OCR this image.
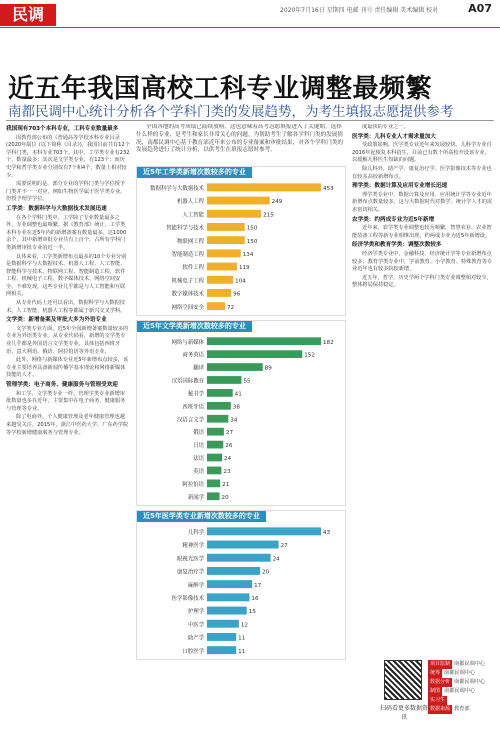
民调	2020年7月16日 星期四 电邮 刊号 责任编辑 美术编辑 校对	A07
近五年我国高校工科专业调整最频繁
南都民调中心统计分析各个学科门类的发展趋势，为考生填报志愿提供参考
我国现有703个本科专业，工科专业数量最多

国教育部公布的《普通高等学校本科专业目录(2020年版)》(以下简称《目录》)，我国目前共有12个学科门类，本科专业703个。其中，工学类专业有232个，数量最多；其次是文学类专业，有123个；而历史学和哲学类专业分别仅有7个和4个，数量上相对较少。

需要说明的是，部分专业的学科门类与学位授予门类并不一一对应，例如生物医学属于医学类专业，但授予理学学位。

工学类：数据科学与大数据技术发展迅速

在各个学科门类中，工学除了专业数量最多之外，专业调整也最频繁。据《教育部》统计，工学类本科专业在近5年内的新增备案有数量最多，达1000余个，其中新增审批专业共有上百个，占所有学科门类新增审批专业的近一半。

具体来看，工学类新增布点最多的10个专业分别是数据科学与大数据技术、机器人工程、人工智能、智能科学与技术、物联网工程、智能制造工程、软件工程、机械电子工程、数字媒体技术、网络空间安全。不难发现，这些专业几乎都是与人工智能和互联网相关。

从专业代码上还可以看出，数据科学与大数据技术、人工智能、机器人工程等都属于新兴交叉学科。

文学类：新增备案及审批大多为外语专业

文学类专业方面，近5年全国新增备案数量较多的专业为外语类专业。从专业代码看，新增的文学类专业几乎都是外国语言文学类专业，具体包括西班牙语、意大利语、俄语、阿拉伯语等外语专业。

此外，网络与新媒体专业近5年新增布点较多，该专业主要培养具备新闻传播学基本理论和网络新媒体技能的人才。

管理学类：电子商务、健康服务与管理受欢迎

和工学、文学类专业一样，管理学类专业新增审批数量也多在近年，主要集中在电子商务、健康服务与管理等专业。

除了电商外，个人健康管理及老年健康管理也越来越受关注。2015年，浙江中医药大学、广东药学院等学校新增健康服务与管理专业。

全国各地的高考成绩已陆续放榜，这也意味着高考志愿填报进入了关键期。选择什么样的专业，是考生和家长非常关心的问题。为帮助考生了解各学科门类的发展情况，南都民调中心基于教育部近年来公布的专业备案和审批结果，对各个学科门类的发展趋势进行了统计分析，以供考生在填报志愿时参考。

近5年工学类新增次数较多的专业
数据科学与大数据技术	453
机器人工程	249
人工智能	215
智能科学与技术	150
物联网工程	150
智能制造工程	134
软件工程	119
机械电子工程	104
数字媒体技术	96
网络空间安全	72
近5年文学类新增次数较多的专业
网络与新媒体	182
商务英语	152
翻译	89
汉语国际教育	55
秘书学	41
西班牙语	38
汉语言文学	34
俄语	27
日语	26
法语	24
英语	23
阿拉伯语	21
新闻学	20
近5年医学类专业新增次数较多的专业
儿科学	43
精神医学	27
眼视光医学	24
康复治疗学	20
麻醉学	17
医学影像技术	16
护理学	15
中医学	12
助产学	11
口腔医学	11

度最快的专业之一。

医学类：儿科专业人才需求量加大

受政策影响，医学类专业近年来发展较快。儿科学专业自2016年起恢复本科招生，目前已有数十所高校开设该专业，以缓解儿科医生短缺的问题。

除儿科外，助产学、康复治疗学、医学影像技术等专业也有较多高校新增布点。

理学类：数据计算及应用专业增长迅速

理学类专业中，数据计算及应用、应用统计学等专业近年新增布点数量较多，这与大数据时代对数学、统计学人才的需求密切相关。

农学类：约两成专业为近5年新增

近年来，农学类专业调整也较为频繁，智慧农业、农业智能装备工程等新专业相继出现，约两成专业为近5年新增设。

经济学类和教育学类：调整次数较多

经济学类专业中，金融科技、经济统计学等专业新增布点较多；教育学类专业中，学前教育、小学教育、特殊教育等专业近年也有较多院校新增。

近五年，哲学、历史学两个学科门类专业调整相对较少，整体格局保持稳定。

扫码看更多数据资讯
项目监制 南都民调中心
统筹 南都民调中心
数据分析 南都民调中心
制图 南都民调中心
实习生
数据来源 教育部
